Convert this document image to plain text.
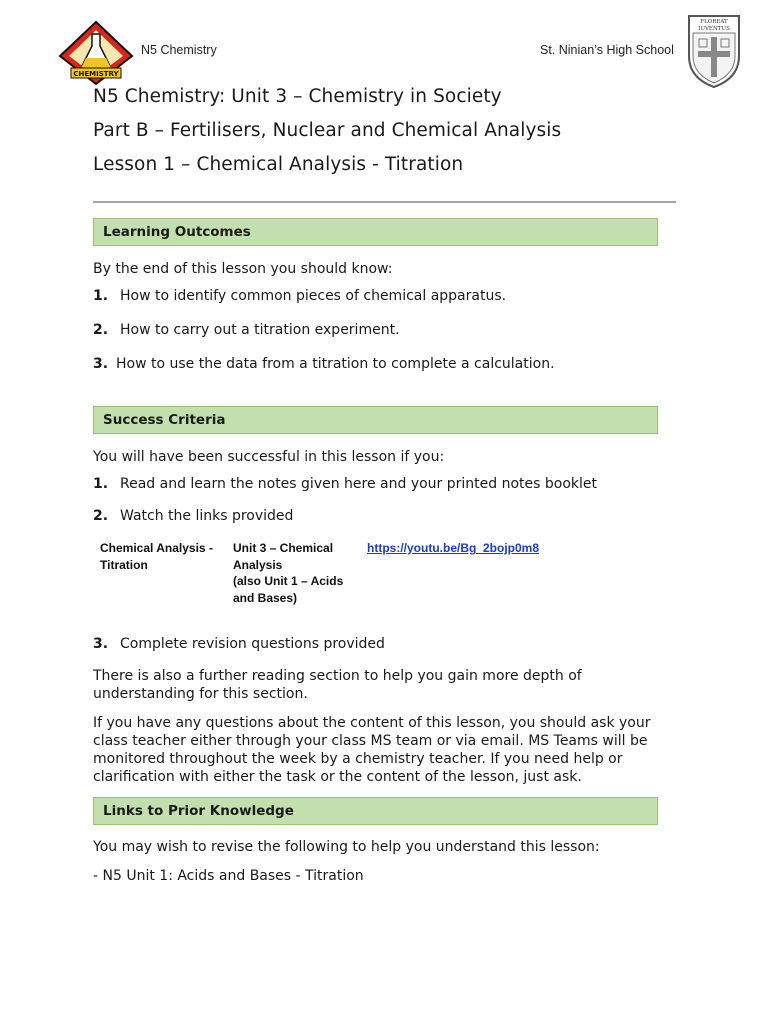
CHEMISTRY
N5 Chemistry	St. Ninian’s High School
FLOREAT
IUVENTUS
N5 Chemistry: Unit 3 – Chemistry in Society
Part B – Fertilisers, Nuclear and Chemical Analysis
Lesson 1 – Chemical Analysis - Titration
Learning Outcomes
By the end of this lesson you should know:
1. How to identify common pieces of chemical apparatus.
2. How to carry out a titration experiment.
3. How to use the data from a titration to complete a calculation.
Success Criteria
You will have been successful in this lesson if you:
1. Read and learn the notes given here and your printed notes booklet
2. Watch the links provided
Chemical Analysis -
Titration
Unit 3 – Chemical
Analysis
(also Unit 1 – Acids
and Bases)
https://youtu.be/Bg_2bojp0m8
3. Complete revision questions provided
There is also a further reading section to help you gain more depth of understanding for this section.
If you have any questions about the content of this lesson, you should ask your class teacher either through your class MS team or via email. MS Teams will be monitored throughout the week by a chemistry teacher. If you need help or clarification with either the task or the content of the lesson, just ask.
Links to Prior Knowledge
You may wish to revise the following to help you understand this lesson:
- N5 Unit 1: Acids and Bases - Titration
